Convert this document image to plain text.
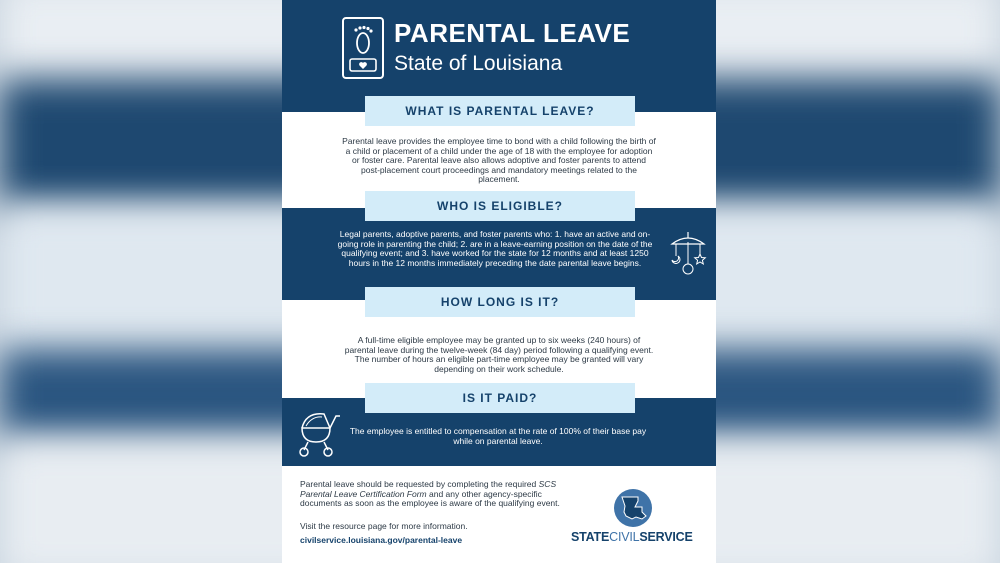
PARENTAL LEAVE
State of Louisiana
Parental leave provides the employee time to bond with a child following the birth of a child or placement of a child under the age of 18 with the employee for adoption or foster care. Parental leave also allows adoptive and foster parents to attend post-placement court proceedings and mandatory meetings related to the placement.
Legal parents, adoptive parents, and foster parents who: 1. have an active and on-going role in parenting the child; 2. are in a leave-earning position on the date of the qualifying event; and 3. have worked for the state for 12 months and at least 1250 hours in the 12 months immediately preceding the date parental leave begins.
A full-time eligible employee may be granted up to six weeks (240 hours) of parental leave during the twelve-week (84 day) period following a qualifying event. The number of hours an eligible part-time employee may be granted will vary depending on their work schedule.
The employee is entitled to compensation at the rate of 100% of their base pay while on parental leave.
WHAT IS PARENTAL LEAVE?
WHO IS ELIGIBLE?
HOW LONG IS IT?
IS IT PAID?
Parental leave should be requested by completing the required SCS Parental Leave Certification Form and any other agency-specific documents as soon as the employee is aware of the qualifying event.
Visit the resource page for more information.
civilservice.louisiana.gov/parental-leave	STATECIVILSERVICE
